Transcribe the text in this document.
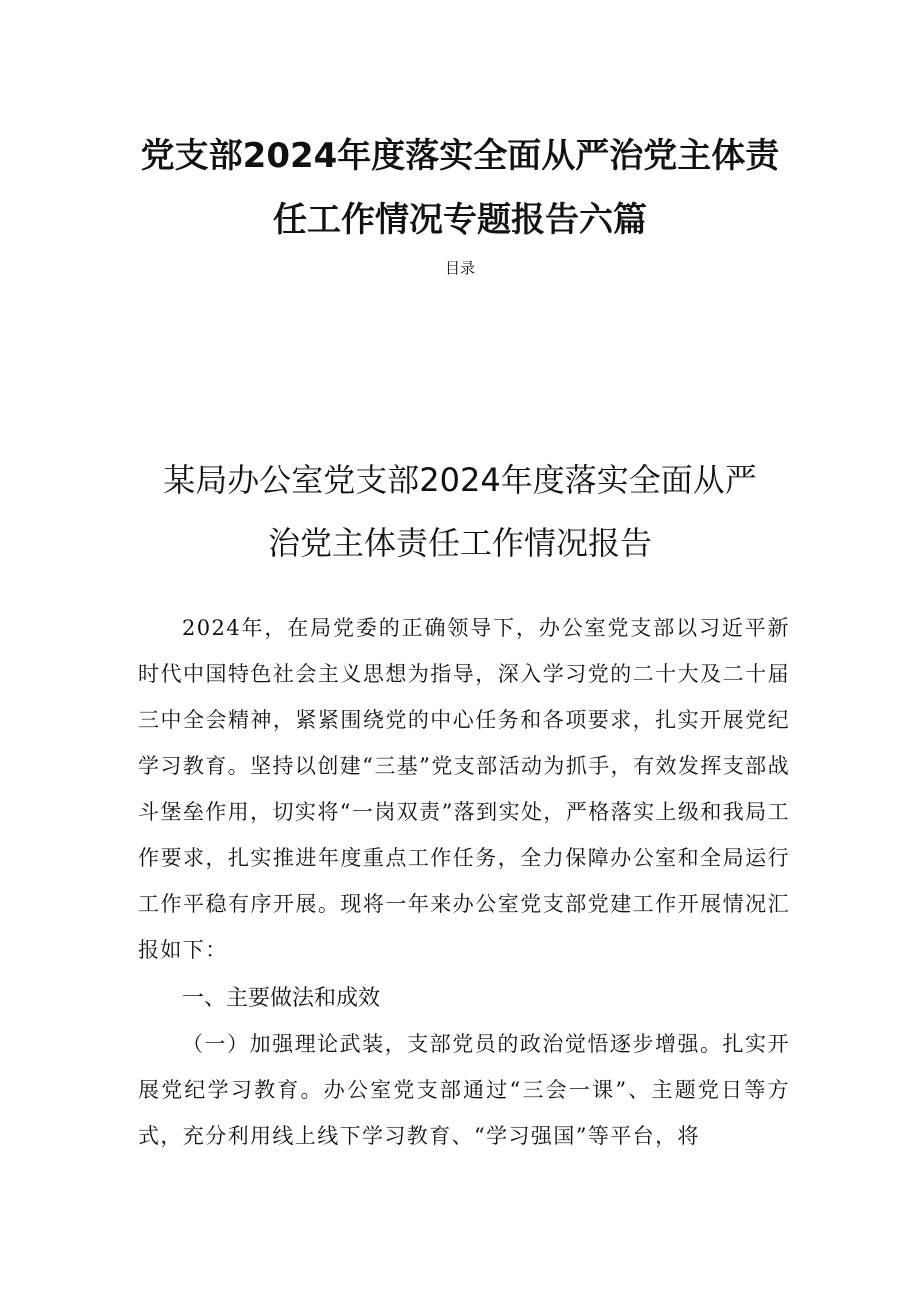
党支部2024年度落实全面从严治党主体责
任工作情况专题报告六篇
目录
某局办公室党支部2024年度落实全面从严
治党主体责任工作情况报告

2024年，在局党委的正确领导下，办公室党支部以习近平新时代中国特色社会主义思想为指导，深入学习党的二十大及二十届三中全会精神，紧紧围绕党的中心任务和各项要求，扎实开展党纪学习教育。坚持以创建“三基”党支部活动为抓手，有效发挥支部战斗堡垒作用，切实将“一岗双责”落到实处，严格落实上级和我局工作要求，扎实推进年度重点工作任务，全力保障办公室和全局运行工作平稳有序开展。现将一年来办公室党支部党建工作开展情况汇报如下：

一、主要做法和成效

（一）加强理论武装，支部党员的政治觉悟逐步增强。扎实开展党纪学习教育。办公室党支部通过“三会一课”、主题党日等方式，充分利用线上线下学习教育、“学习强国”等平台，将
